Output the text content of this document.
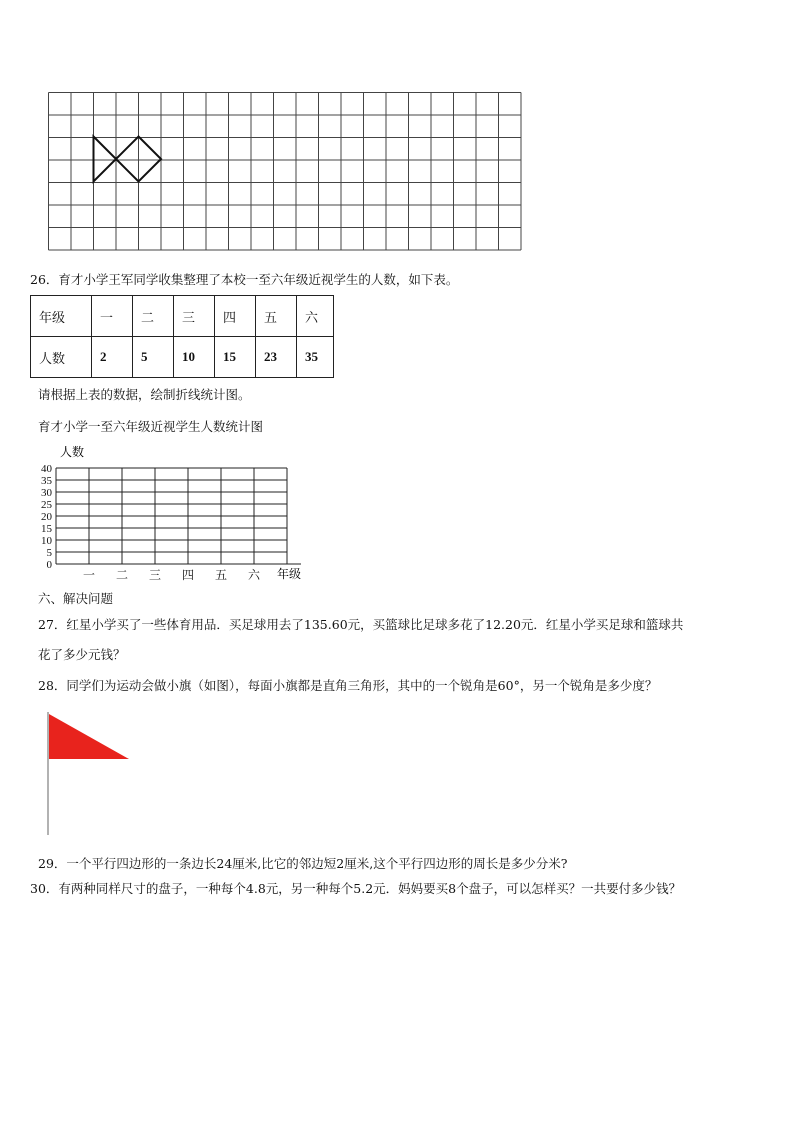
26．育才小学王军同学收集整理了本校一至六年级近视学生的人数，如下表。
年级	一	二	三	四	五	六
人数	2	5	10	15	23	35
请根据上表的数据，绘制折线统计图。
育才小学一至六年级近视学生人数统计图
人数
年级
0
5
10
15
20
25
30
35
40
一 二 三 四 五 六
六、解决问题
27．红星小学买了一些体育用品．买足球用去了135.60元，买篮球比足球多花了12.20元．红星小学买足球和篮球共
花了多少元钱？
28．同学们为运动会做小旗（如图），每面小旗都是直角三角形，其中的一个锐角是60°，另一个锐角是多少度？
29．一个平行四边形的一条边长24厘米,比它的邻边短2厘米,这个平行四边形的周长是多少分米?
30．有两种同样尺寸的盘子，一种每个4.8元，另一种每个5.2元．妈妈要买8个盘子，可以怎样买？一共要付多少钱？
